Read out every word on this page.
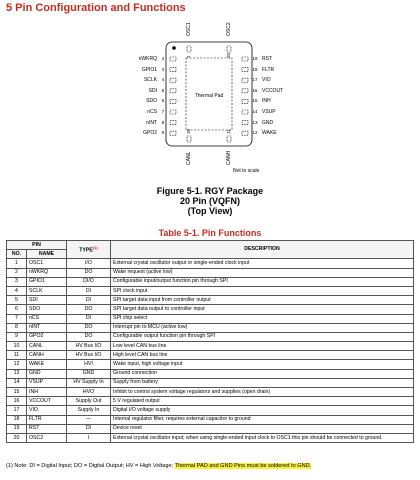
5 Pin Configuration and Functions
Thermal Pad
Not to scale
2
nWKRQ
3
GPIO1
4
SCLK
5
SDI
6
SDO
7
nCS
8
nINT
9
GPO2
19 RST
18 FLTR
17 VIO
16 VCCOUT
15 INH
14 VSUP
13 GND
12 WAKE
OSC1
1
OSC2
20
10
CANL
11
CANH
Figure 5-1. RGY Package
20 Pin (VQFN)
(Top View)
Table 5-1. Pin Functions
PIN		TYPE$^{(1)}$	DESCRIPTION
NO.	NAME		
1	OSC1	I/O	External crystal oscillator output or single-ended clock input
2	nWKRQ	DO	Wake request (active low)
3	GPIO1	DI/O	Configurable input/output function pin through SPI
4	SCLK	DI	SPI clock input
5	SDI	DI	SPI target data input from controller output
6	SDO	DO	SPI target data output to controller input
7	nCS	DI	SPI chip select
8	nINT	DO	Interrupt pin to MCU (active low)
9	GPO2	DO	Configurable output function pin through SPI
10	CANL	HV Bus I/O	Low level CAN bus line
11	CANH	HV Bus I/O	High level CAN bus line
12	WAKE	HVI	Wake input, high voltage input
13	GND	GND	Ground connection
14	VSUP	HV Supply In	Supply from battery
15	INH	HVO	Inhibit to control system voltage regulators and supplies (open drain)
16	VCCOUT	Supply Out	5 V regulated output
17	VIO	Supply In	Digital I/O voltage supply
18	FLTR	—	Internal regulator filter, requires external capacitor to ground
19	RST	DI	Device reset
20	OSC2	I	External crystal oscillator input; when using single-ended input clock to OSC1 this pin should be connected to ground.
(1) Note: DI = Digital Input; DO = Digital Output; HV = High Voltage; Thermal PAD and GND Pins must be soldered to GND.
